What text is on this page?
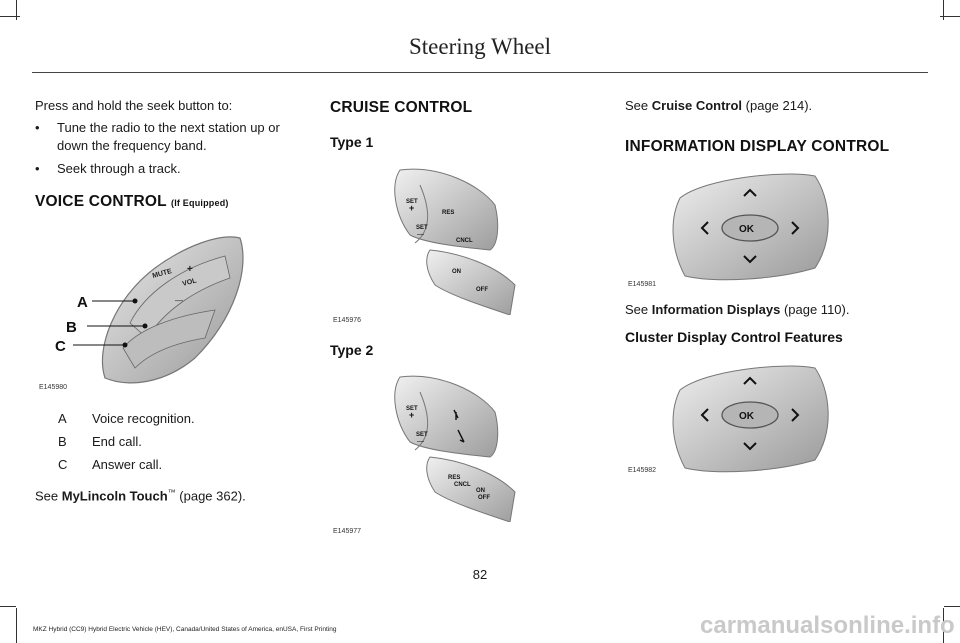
Steering Wheel
Press and hold the seek button to:
•	Tune the radio to the next station up or down the frequency band.
•	Seek through a track.
VOICE CONTROL (If Equipped)
MUTE
VOL
+
—
A
B
C
E145980
A	Voice recognition.
B	End call.
C	Answer call.
See MyLincoln Touch™ (page 362).
CRUISE CONTROL
Type 1
SET
+
SET
—
RES
CNCL
ON
OFF
E145976
Type 2
SET
+
SET
—
RES
CNCL
ON
OFF
E145977
See Cruise Control (page 214).
INFORMATION DISPLAY CONTROL
OK
E145981
See Information Displays (page 110).
Cluster Display Control Features
OK
E145982
82
MKZ Hybrid (CC9) Hybrid Electric Vehicle (HEV), Canada/United States of America, enUSA, First Printing	carmanualsonline.info
